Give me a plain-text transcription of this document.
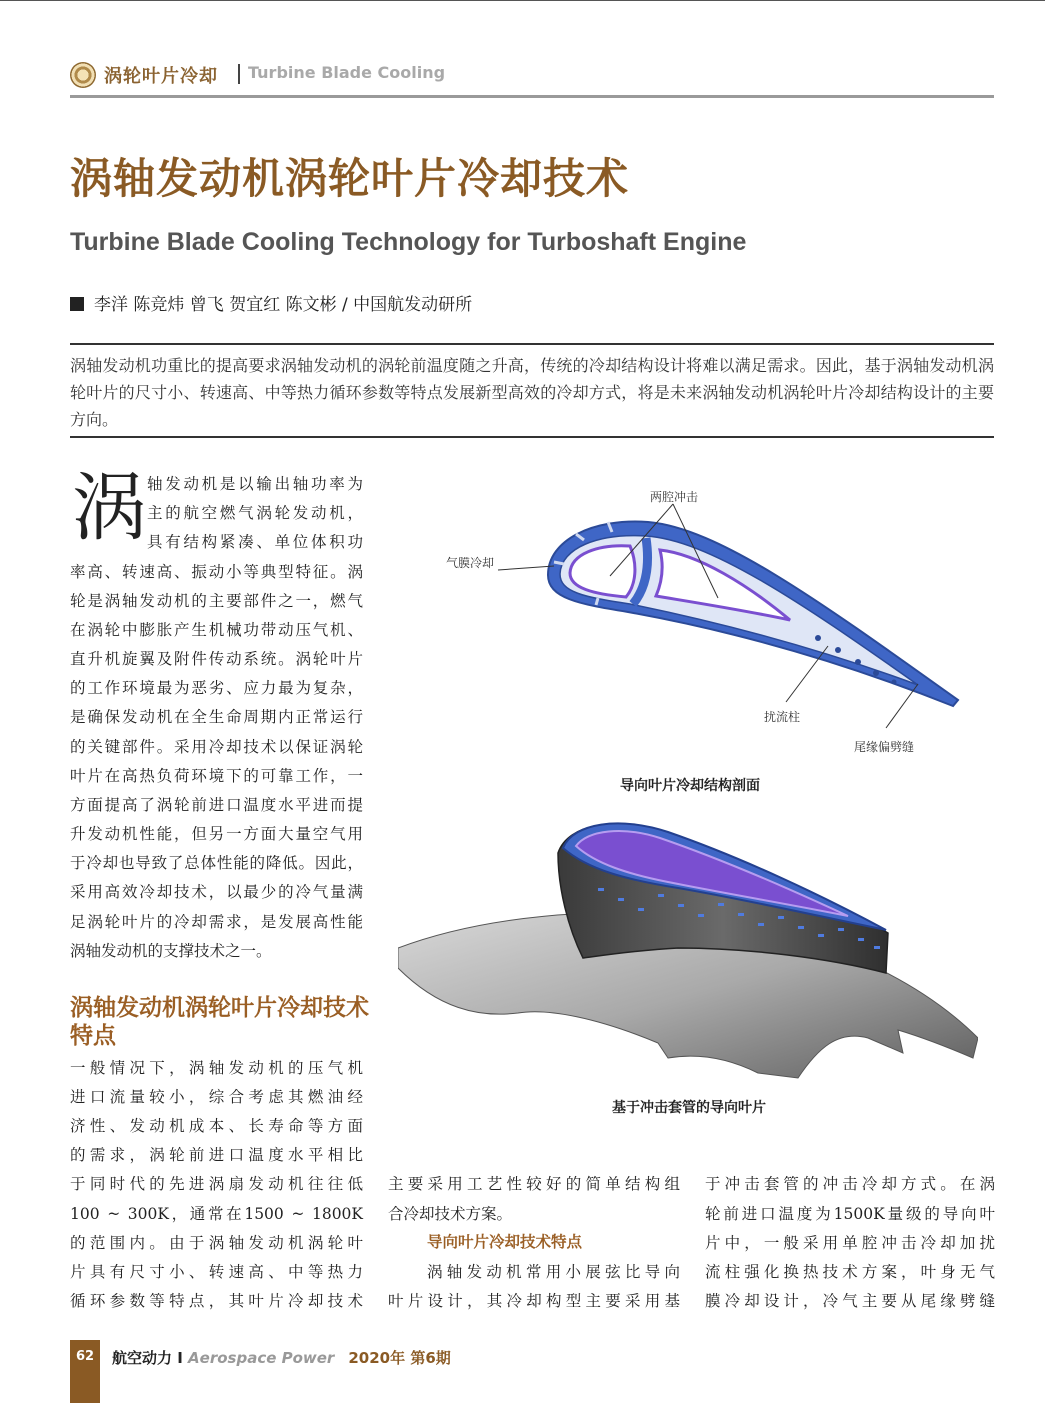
涡轮叶片冷却 Turbine Blade Cooling
涡轴发动机涡轮叶片冷却技术
Turbine Blade Cooling Technology for Turboshaft Engine
李洋 陈竞炜 曾飞 贺宜红 陈文彬 / 中国航发动研所
涡轴发动机功重比的提高要求涡轴发动机的涡轮前温度随之升高，传统的冷却结构设计将难以满足需求。因此，基于涡轴发动机涡轮叶片的尺寸小、转速高、中等热力循环参数等特点发展新型高效的冷却方式，将是未来涡轴发动机涡轮叶片冷却结构设计的主要方向。
涡 轴发动机是以输出轴功率为
主的航空燃气涡轮发动机，
具有结构紧凑、单位体积功
率高、转速高、振动小等典型特征。涡
轮是涡轴发动机的主要部件之一，燃气
在涡轮中膨胀产生机械功带动压气机、
直升机旋翼及附件传动系统。涡轮叶片
的工作环境最为恶劣、应力最为复杂，
是确保发动机在全生命周期内正常运行
的关键部件。采用冷却技术以保证涡轮
叶片在高热负荷环境下的可靠工作，一
方面提高了涡轮前进口温度水平进而提
升发动机性能，但另一方面大量空气用
于冷却也导致了总体性能的降低。因此，
采用高效冷却技术，以最少的冷气量满
足涡轮叶片的冷却需求，是发展高性能
涡轴发动机的支撑技术之一。
涡轴发动机涡轮叶片冷却技术特点
一般情况下，涡轴发动机的压气机
进口流量较小，综合考虑其燃油经
济性、发动机成本、长寿命等方面
的需求，涡轮前进口温度水平相比
于同时代的先进涡扇发动机往往低
100 ~ 300K，通常在1500 ~ 1800K
的范围内。由于涡轴发动机涡轮叶
片具有尺寸小、转速高、中等热力
循环参数等特点，其叶片冷却技术
主要采用工艺性较好的简单结构组
合冷却技术方案。
导向叶片冷却技术特点
涡轴发动机常用小展弦比导向
叶片设计，其冷却构型主要采用基
于冲击套管的冲击冷却方式。在涡
轮前进口温度为1500K量级的导向叶
片中，一般采用单腔冲击冷却加扰
流柱强化换热技术方案，叶身无气
膜冷却设计，冷气主要从尾缘劈缝
两腔冲击
气膜冷却
扰流柱
尾缘偏劈缝
导向叶片冷却结构剖面
基于冲击套管的导向叶片
62	航空动力 I Aerospace Power 2020年 第6期
